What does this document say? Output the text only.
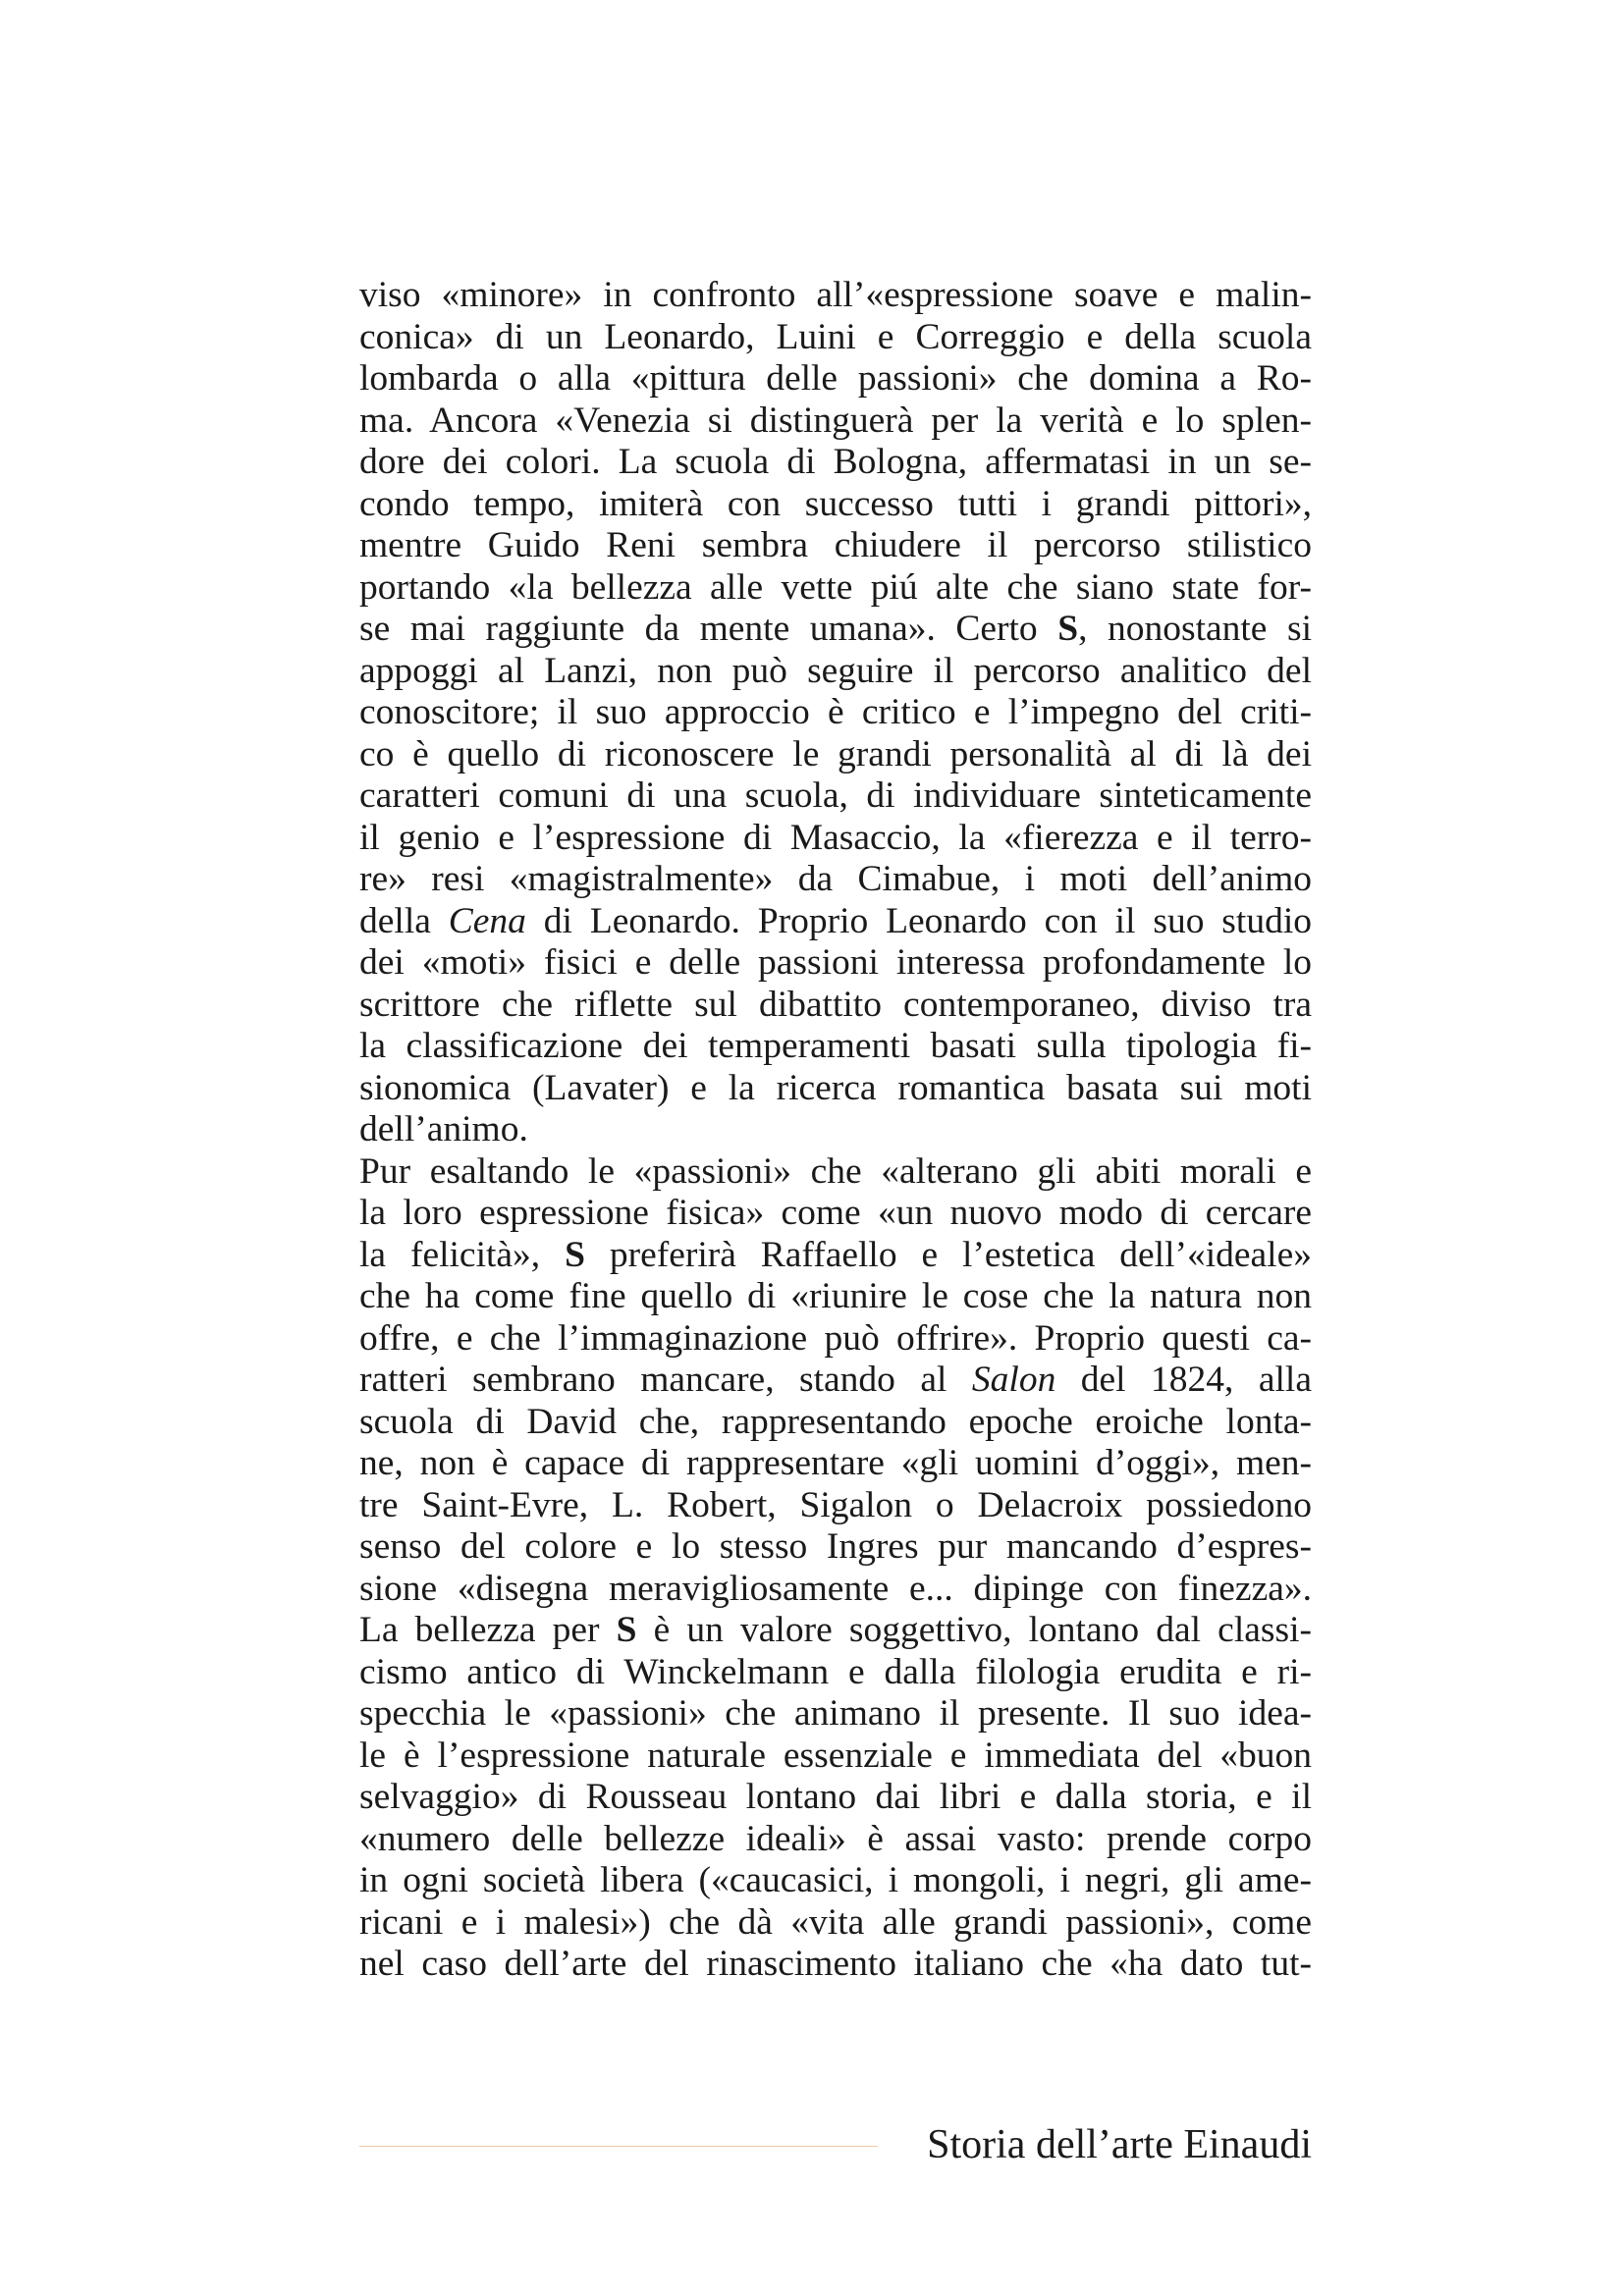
viso «minore» in confronto all’«espressione soave e malin-
conica» di un Leonardo, Luini e Correggio e della scuola
lombarda o alla «pittura delle passioni» che domina a Ro-
ma. Ancora «Venezia si distinguerà per la verità e lo splen-
dore dei colori. La scuola di Bologna, affermatasi in un se-
condo tempo, imiterà con successo tutti i grandi pittori»,
mentre Guido Reni sembra chiudere il percorso stilistico
portando «la bellezza alle vette piú alte che siano state for-
se mai raggiunte da mente umana». Certo S, nonostante si
appoggi al Lanzi, non può seguire il percorso analitico del
conoscitore; il suo approccio è critico e l’impegno del criti-
co è quello di riconoscere le grandi personalità al di là dei
caratteri comuni di una scuola, di individuare sinteticamente
il genio e l’espressione di Masaccio, la «fierezza e il terro-
re» resi «magistralmente» da Cimabue, i moti dell’animo
della Cena di Leonardo. Proprio Leonardo con il suo studio
dei «moti» fisici e delle passioni interessa profondamente lo
scrittore che riflette sul dibattito contemporaneo, diviso tra
la classificazione dei temperamenti basati sulla tipologia fi-
sionomica (Lavater) e la ricerca romantica basata sui moti
dell’animo.
Pur esaltando le «passioni» che «alterano gli abiti morali e
la loro espressione fisica» come «un nuovo modo di cercare
la felicità», S preferirà Raffaello e l’estetica dell’«ideale»
che ha come fine quello di «riunire le cose che la natura non
offre, e che l’immaginazione può offrire». Proprio questi ca-
ratteri sembrano mancare, stando al Salon del 1824, alla
scuola di David che, rappresentando epoche eroiche lonta-
ne, non è capace di rappresentare «gli uomini d’oggi», men-
tre Saint-Evre, L. Robert, Sigalon o Delacroix possiedono
senso del colore e lo stesso Ingres pur mancando d’espres-
sione «disegna meravigliosamente e... dipinge con finezza».
La bellezza per S è un valore soggettivo, lontano dal classi-
cismo antico di Winckelmann e dalla filologia erudita e ri-
specchia le «passioni» che animano il presente. Il suo idea-
le è l’espressione naturale essenziale e immediata del «buon
selvaggio» di Rousseau lontano dai libri e dalla storia, e il
«numero delle bellezze ideali» è assai vasto: prende corpo
in ogni società libera («caucasici, i mongoli, i negri, gli ame-
ricani e i malesi») che dà «vita alle grandi passioni», come
nel caso dell’arte del rinascimento italiano che «ha dato tut-
Storia dell’arte Einaudi
